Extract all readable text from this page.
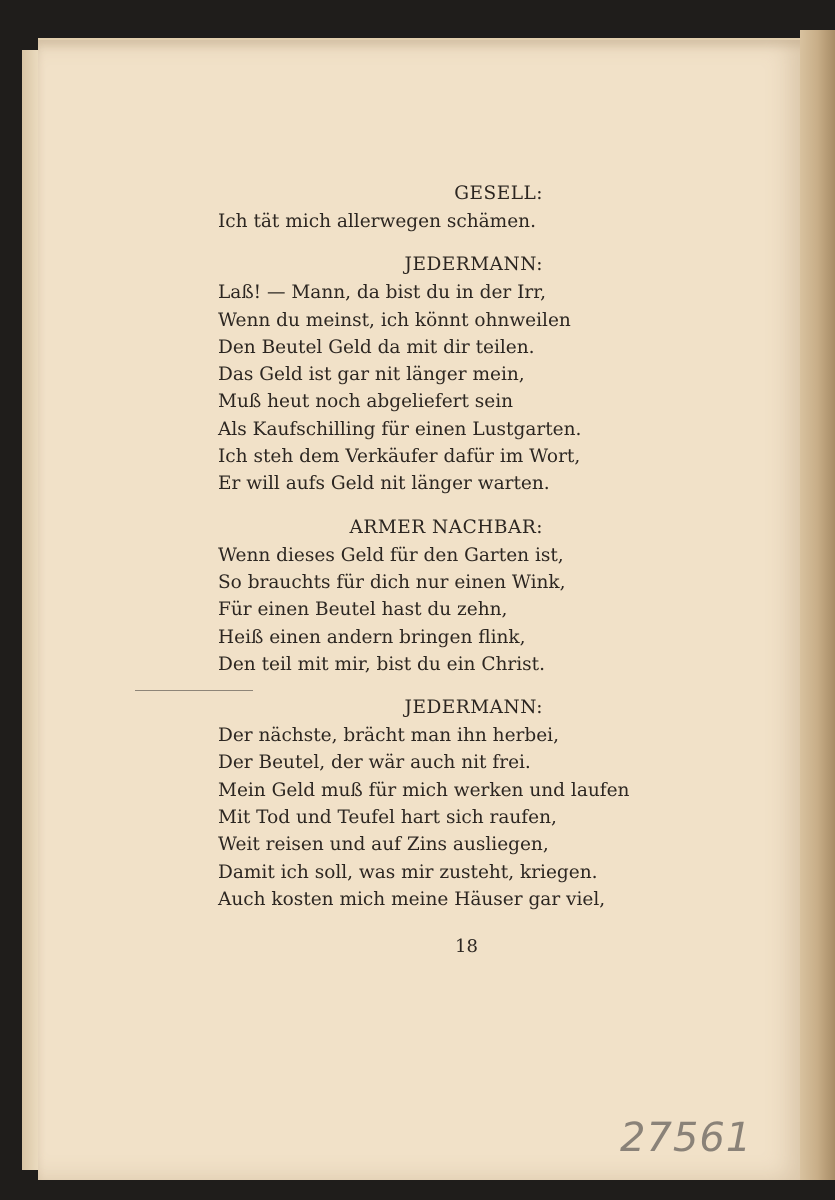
GESELL:
Ich tät mich allerwegen schämen.
JEDERMANN:
Laß! — Mann, da bist du in der Irr,
Wenn du meinst, ich könnt ohnweilen
Den Beutel Geld da mit dir teilen.
Das Geld ist gar nit länger mein,
Muß heut noch abgeliefert sein
Als Kaufschilling für einen Lustgarten.
Ich steh dem Verkäufer dafür im Wort,
Er will aufs Geld nit länger warten.
ARMER NACHBAR:
Wenn dieses Geld für den Garten ist,
So brauchts für dich nur einen Wink,
Für einen Beutel hast du zehn,
Heiß einen andern bringen flink,
Den teil mit mir, bist du ein Christ.
JEDERMANN:
Der nächste, brächt man ihn herbei,
Der Beutel, der wär auch nit frei.
Mein Geld muß für mich werken und laufen
Mit Tod und Teufel hart sich raufen,
Weit reisen und auf Zins ausliegen,
Damit ich soll, was mir zusteht, kriegen.
Auch kosten mich meine Häuser gar viel,
18
27561
